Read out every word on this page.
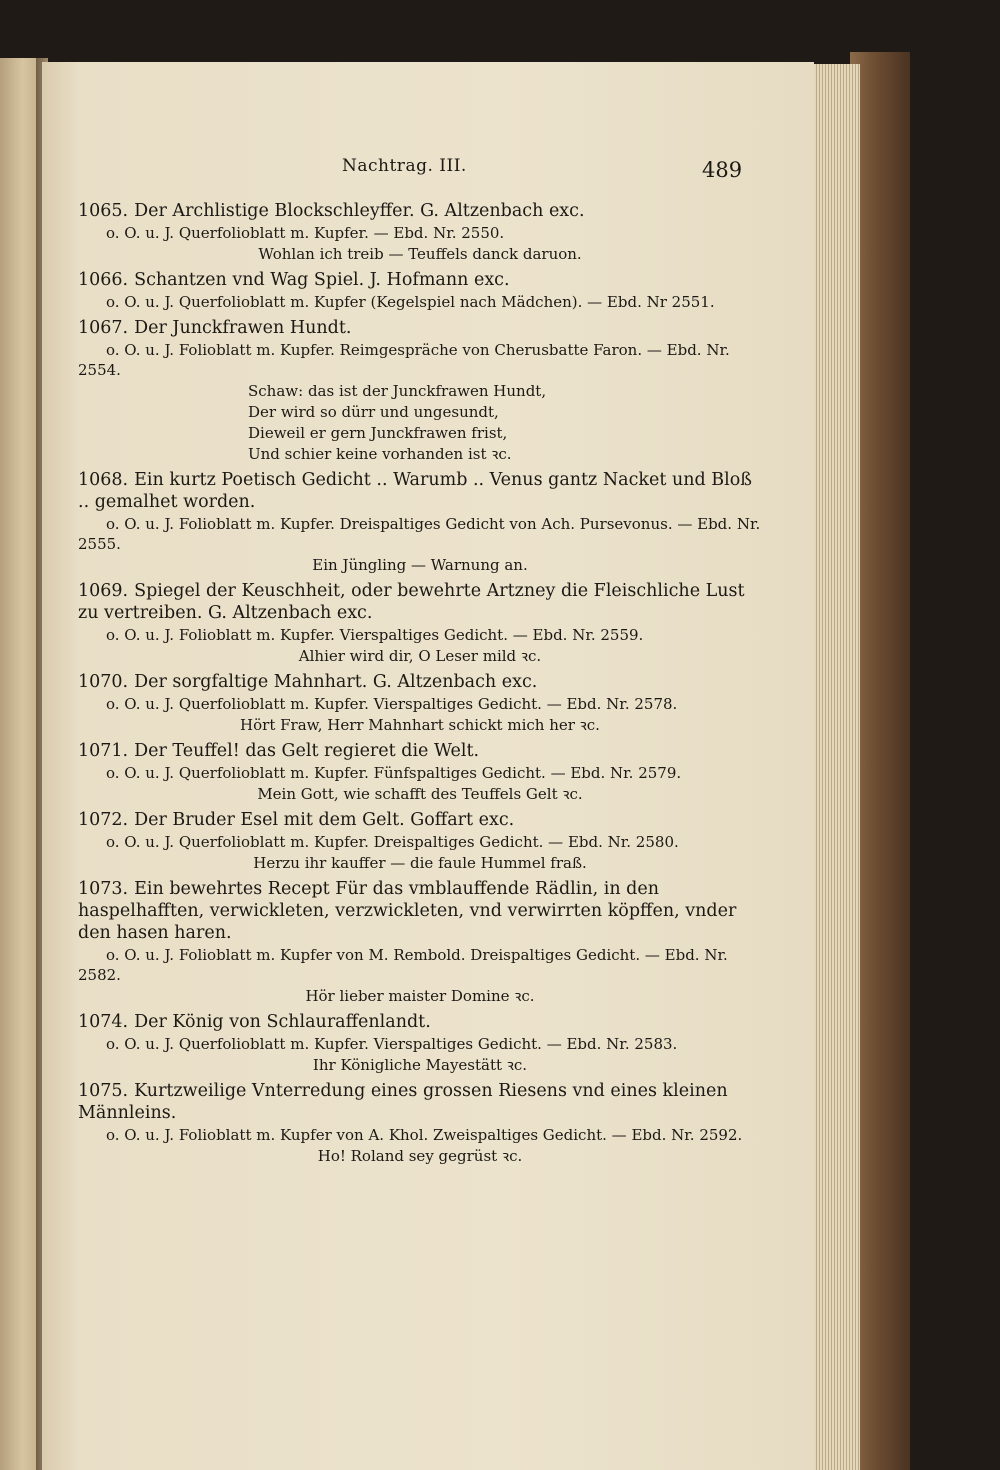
Nachtrag. III.	489
1065. Der Archlistige Blockschleyffer. G. Altzenbach exc.
o. O. u. J. Querfolioblatt m. Kupfer. — Ebd. Nr. 2550.
Wohlan ich treib — Teuffels danck daruon.
1066. Schantzen vnd Wag Spiel. J. Hofmann exc.
o. O. u. J. Querfolioblatt m. Kupfer (Kegelspiel nach Mädchen). — Ebd. Nr 2551.
1067. Der Junckfrawen Hundt.
o. O. u. J. Folioblatt m. Kupfer. Reimgespräche von Cherusbatte Faron. — Ebd. Nr. 2554.
Schaw: das ist der Junckfrawen Hundt,
Der wird so dürr und ungesundt,
Dieweil er gern Junckfrawen frist,
Und schier keine vorhanden ist ꝛc.
1068. Ein kurtz Poetisch Gedicht .. Warumb .. Venus gantz Nacket und Bloß .. gemalhet worden.
o. O. u. J. Folioblatt m. Kupfer. Dreispaltiges Gedicht von Ach. Pursevonus. — Ebd. Nr. 2555.
Ein Jüngling — Warnung an.
1069. Spiegel der Keuschheit, oder bewehrte Artzney die Fleischliche Lust zu vertreiben. G. Altzenbach exc.
o. O. u. J. Folioblatt m. Kupfer. Vierspaltiges Gedicht. — Ebd. Nr. 2559.
Alhier wird dir, O Leser mild ꝛc.
1070. Der sorgfaltige Mahnhart. G. Altzenbach exc.
o. O. u. J. Querfolioblatt m. Kupfer. Vierspaltiges Gedicht. — Ebd. Nr. 2578.
Hört Fraw, Herr Mahnhart schickt mich her ꝛc.
1071. Der Teuffel! das Gelt regieret die Welt.
o. O. u. J. Querfolioblatt m. Kupfer. Fünfspaltiges Gedicht. — Ebd. Nr. 2579.
Mein Gott, wie schafft des Teuffels Gelt ꝛc.
1072. Der Bruder Esel mit dem Gelt. Goffart exc.
o. O. u. J. Querfolioblatt m. Kupfer. Dreispaltiges Gedicht. — Ebd. Nr. 2580.
Herzu ihr kauffer — die faule Hummel fraß.
1073. Ein bewehrtes Recept Für das vmblauffende Rädlin, in den haspelhafften, verwickleten, verzwickleten, vnd verwirrten köpffen, vnder den hasen haren.
o. O. u. J. Folioblatt m. Kupfer von M. Rembold. Dreispaltiges Gedicht. — Ebd. Nr. 2582.
Hör lieber maister Domine ꝛc.
1074. Der König von Schlauraffenlandt.
o. O. u. J. Querfolioblatt m. Kupfer. Vierspaltiges Gedicht. — Ebd. Nr. 2583.
Ihr Königliche Mayestätt ꝛc.
1075. Kurtzweilige Vnterredung eines grossen Riesens vnd eines kleinen Männleins.
o. O. u. J. Folioblatt m. Kupfer von A. Khol. Zweispaltiges Gedicht. — Ebd. Nr. 2592.
Ho! Roland sey gegrüst ꝛc.
